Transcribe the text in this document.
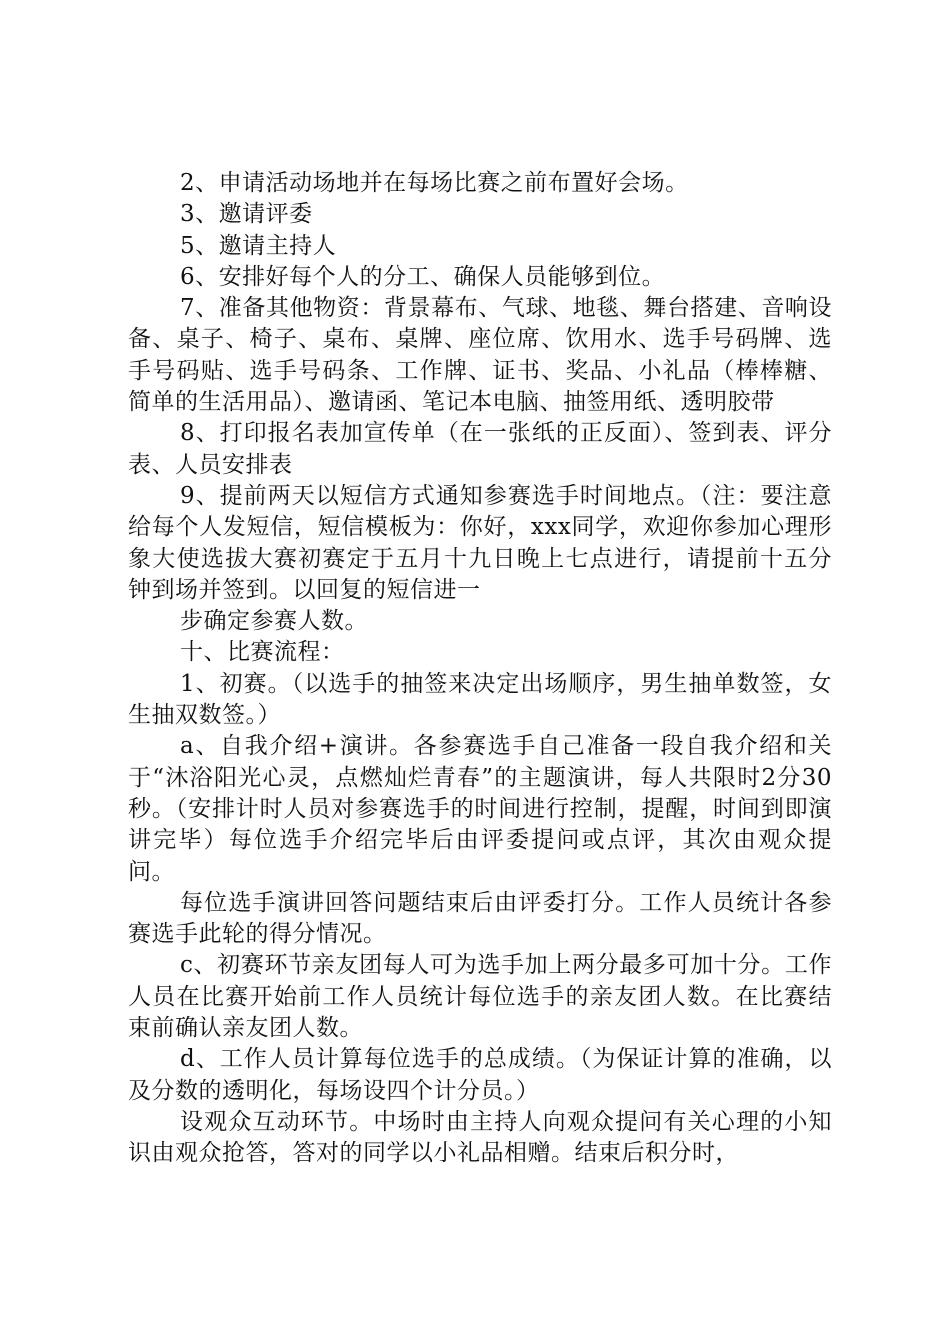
2、申请活动场地并在每场比赛之前布置好会场。

3、邀请评委

5、邀请主持人

6、安排好每个人的分工、确保人员能够到位。

7、准备其他物资：背景幕布、气球、地毯、舞台搭建、音响设备、桌子、椅子、桌布、桌牌、座位席、饮用水、选手号码牌、选手号码贴、选手号码条、工作牌、证书、奖品、小礼品（棒棒糖、简单的生活用品）、邀请函、笔记本电脑、抽签用纸、透明胶带

8、打印报名表加宣传单（在一张纸的正反面）、签到表、评分表、人员安排表

9、提前两天以短信方式通知参赛选手时间地点。（注：要注意给每个人发短信，短信模板为：你好，xxx同学，欢迎你参加心理形象大使选拔大赛初赛定于五月十九日晚上七点进行，请提前十五分钟到场并签到。以回复的短信进一

步确定参赛人数。

十、比赛流程：

1、初赛。（以选手的抽签来决定出场顺序，男生抽单数签，女生抽双数签。）

a、自我介绍+演讲。各参赛选手自己准备一段自我介绍和关于“沐浴阳光心灵，点燃灿烂青春”的主题演讲，每人共限时2分30秒。（安排计时人员对参赛选手的时间进行控制，提醒，时间到即演讲完毕）每位选手介绍完毕后由评委提问或点评，其次由观众提问。

每位选手演讲回答问题结束后由评委打分。工作人员统计各参赛选手此轮的得分情况。

c、初赛环节亲友团每人可为选手加上两分最多可加十分。工作人员在比赛开始前工作人员统计每位选手的亲友团人数。在比赛结束前确认亲友团人数。

d、工作人员计算每位选手的总成绩。（为保证计算的准确，以及分数的透明化，每场设四个计分员。）

设观众互动环节。中场时由主持人向观众提问有关心理的小知识由观众抢答，答对的同学以小礼品相赠。结束后积分时，
